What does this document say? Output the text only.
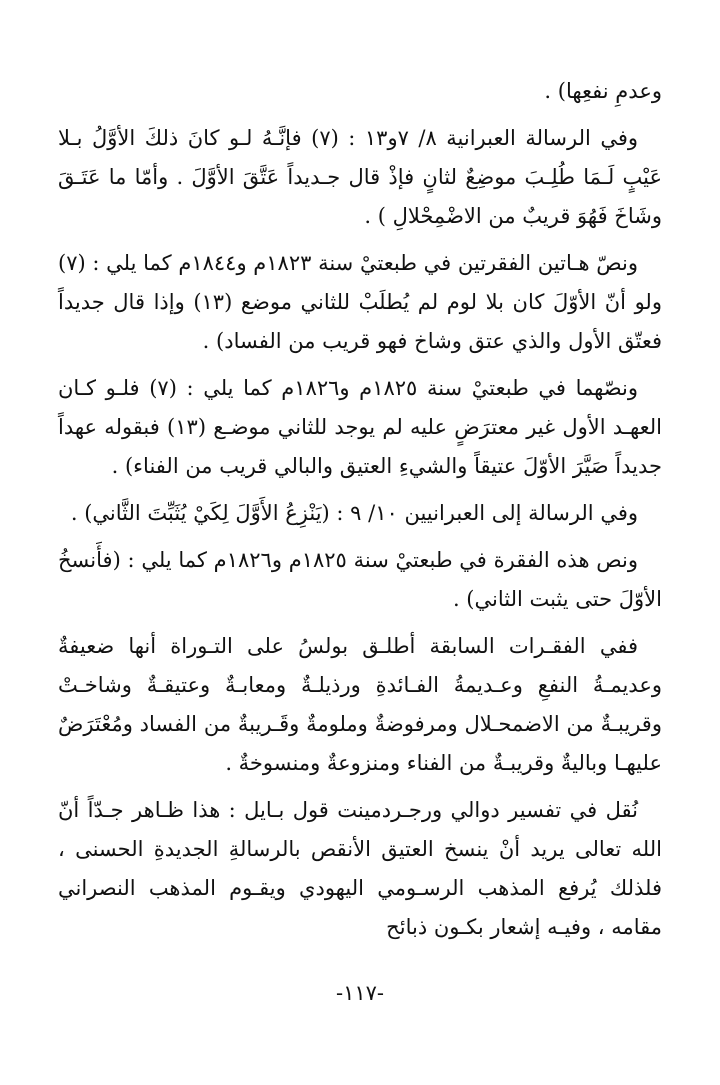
وعدمِ نفعِها) .

وفي الرسالة العبرانية ٨/ ٧و١٣ : (٧) فإنَّـهُ لـو كانَ ذلكَ الأوَّلُ بـلا عَيْبٍ لَـمَا طُلِـبَ موضِعٌ لثانٍ فإذْ قال جـديداً عَتَّقَ الأوَّلَ . وأمّا ما عَتَـقَ وشَاخَ فَهُوَ قريبٌ من الاضْمِحْلالِ ) .

ونصّ هـاتين الفقرتين في طبعتيْ سنة ١٨٢٣م و١٨٤٤م كما يلي : (٧) ولو أنّ الأوّلَ كان بلا لوم لم يُطلَبْ للثاني موضع (١٣) وإذا قال جديداً فعتّق الأول والذي عتق وشاخ فهو قريب من الفساد) .

ونصّهما في طبعتيْ سنة ١٨٢٥م و١٨٢٦م كما يلي : (٧) فلـو كـان العهـد الأول غير معترَضٍ عليه لم يوجد للثاني موضـع (١٣) فبقوله عهداً جديداً صَيَّرَ الأوّلَ عتيقاً والشيءِ العتيق والبالي قريب من الفناء) .

وفي الرسالة إلى العبرانيين ١٠/ ٩ : (يَنْزِعُ الأَوَّلَ لِكَيْ يُثَبِّتَ الثَّاني) .

ونص هذه الفقرة في طبعتيْ سنة ١٨٢٥م و١٨٢٦م كما يلي : (فأَنسخُ الأوّلَ حتى يثبت الثاني) .

ففي الفقـرات السابقة أطلـق بولسُ على التـوراة أنها ضعيفةٌ وعديمـةُ النفعِ وعـديمةُ الفـائدةِ ورذيلـةٌ ومعابـةٌ وعتيقـةٌ وشاخـتْ وقريبـةٌ من الاضمحـلال ومرفوضةٌ وملومةٌ وقَـريبةٌ من الفساد ومُعْتَرَضٌ عليهـا وباليةٌ وقريبـةٌ من الفناء ومنزوعةٌ ومنسوخةٌ .

نُقل في تفسير دوالي ورجـردمينت قول بـايل : هذا ظـاهر جـدّاً أنّ الله تعالى يريد أنْ ينسخ العتيق الأنقص بالرسالةِ الجديدةِ الحسنى ، فلذلك يُرفع المذهب الرسـومي اليهودي ويقـوم المذهب النصراني مقامه ، وفيـه إشعار بكـون ذبائح

-١١٧-
